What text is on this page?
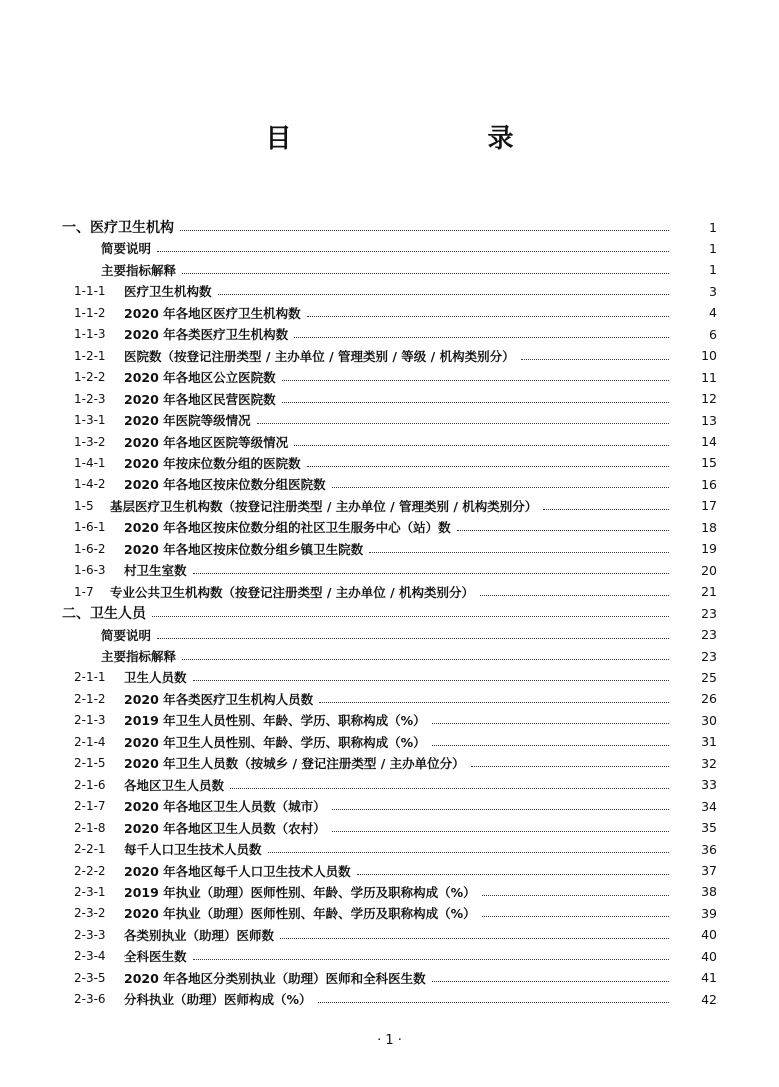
目　　录
一、医疗卫生机构	1
简要说明	1
主要指标解释	1
1-1-1	医疗卫生机构数	3
1-1-2	2020 年各地区医疗卫生机构数	4
1-1-3	2020 年各类医疗卫生机构数	6
1-2-1	医院数（按登记注册类型 / 主办单位 / 管理类别 / 等级 / 机构类别分）	10
1-2-2	2020 年各地区公立医院数	11
1-2-3	2020 年各地区民营医院数	12
1-3-1	2020 年医院等级情况	13
1-3-2	2020 年各地区医院等级情况	14
1-4-1	2020 年按床位数分组的医院数	15
1-4-2	2020 年各地区按床位数分组医院数	16
1-5	基层医疗卫生机构数（按登记注册类型 / 主办单位 / 管理类别 / 机构类别分）	17
1-6-1	2020 年各地区按床位数分组的社区卫生服务中心（站）数	18
1-6-2	2020 年各地区按床位数分组乡镇卫生院数	19
1-6-3	村卫生室数	20
1-7	专业公共卫生机构数（按登记注册类型 / 主办单位 / 机构类别分）	21
二、卫生人员	23
简要说明	23
主要指标解释	23
2-1-1	卫生人员数	25
2-1-2	2020 年各类医疗卫生机构人员数	26
2-1-3	2019 年卫生人员性别、年龄、学历、职称构成（%）	30
2-1-4	2020 年卫生人员性别、年龄、学历、职称构成（%）	31
2-1-5	2020 年卫生人员数（按城乡 / 登记注册类型 / 主办单位分）	32
2-1-6	各地区卫生人员数	33
2-1-7	2020 年各地区卫生人员数（城市）	34
2-1-8	2020 年各地区卫生人员数（农村）	35
2-2-1	每千人口卫生技术人员数	36
2-2-2	2020 年各地区每千人口卫生技术人员数	37
2-3-1	2019 年执业（助理）医师性别、年龄、学历及职称构成（%）	38
2-3-2	2020 年执业（助理）医师性别、年龄、学历及职称构成（%）	39
2-3-3	各类别执业（助理）医师数	40
2-3-4	全科医生数	40
2-3-5	2020 年各地区分类别执业（助理）医师和全科医生数	41
2-3-6	分科执业（助理）医师构成（%）	42
· 1 ·
